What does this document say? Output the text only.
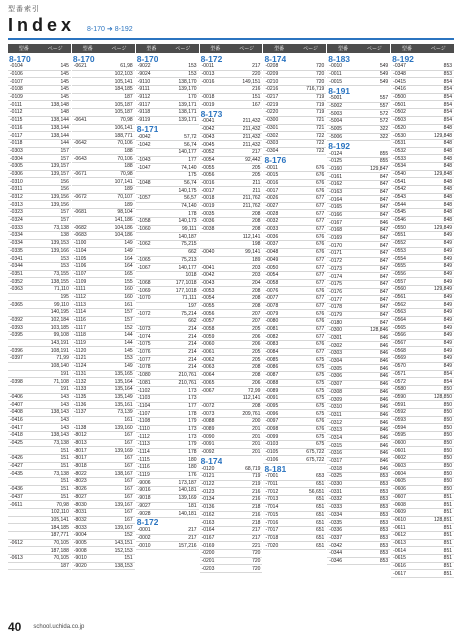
型番索引
Index 8-170 ➜ 8-192
型番	ページ
8-170
-0104	145
-0106	145
-0107	145
-0108	145
-0109	145
-0111	138,148
-0112	148
-0115	138,144
-0116	138,144
-0117	138,144
-0118	144
-0303	157
-0304	157
-0305	139,157
-0306	139,157
-0310	156
-0311	156
-0312	139,156
-0313	139,156
-0323	157
-0324	157
-0333	73,138
-0334	138
-0334	139,153
-0335	139,166
-0341	153
-0344	153
-0351	73,155
-0352	138,155
-0363	71,110
195
-0365	99,110
140,195
-0392	102,184
-0393	103,185
-0395	99,108
143,191
-0396	108,191
-0397	71,99
108,140
191
-0398	71,108
191
-0406	143
-0407	143
-0408	138,143
-0416	143
-0417	143
-0418	138,143
-0425	73,138
151
-0426	151
-0427	151
-0435	73,138
151
-0436	151
-0437	151
-0611	70,98
102,110
105,141
184,185
187,771
-0612	70,105
187,188
-0613	70,105
187
型番	ページ
8-170
-0621	61,98
102,103
105,141
184,185
187
105,187
105,187
-0641	70,98
106,141
188,771
-0642	70,106
188
-0643	70,106
188
-0671	70,98
107,141
189
-0672	70,107
189
-0681	98,104
141,186
-0682	104,186
-0683	104,186
-1100	149
-1104	149
-1105	164
-1106	164
-1107	165
-1109	155
-1111	160
-1112	160
-1113	161
-1114	157
-1116	157
-1117	152
-1118	144
-1119	144
-1120	145
-1121	153
-1124	149
-1131	135,165
-1132	135,164
-1133	135,164
-1135	135,149
-1136	135,161
-1137	73,139
161
-1138	139,160
-8012	167
-8013	167
-8017	139,169
-8017	167
-8018	167
-8022	138,167
-8023	167
-8026	167
-8027	167
-8030	139,167
-8031	167
-8032	167
-8033	139,167
-9004	152
-9005	143,151
-9008	152,153
-9010	151
-9020	138,153
型番	ページ
8-170
-9022	153
-9024	153
-9110	138,170
-9111	139,170
-9112	170
-9117	139,171
-9118	138,171
-9119	139,171
8-171
-0042	57,72
-1042	56,74
140,177
-1043	177
-1047	74,140
175
-1048	56,74
140,175
-1057	56,57
74,140
178
-1058	140,173
-1060	99,111
140,187
-1062	75,215
662
-1065	75,213
-1067	140,177
1018
-1068	177,1018
-1069	177,1018
-1070	71,111
197
-1072	75,214
662
-1073	214
-1074	214
-1075	214
-1076	214
-1077	214
-1078	214
-1080	210,761
-1081	210,761
-1102	173
-1103	173
-1104	177
-1107	178
-1108	179
-1110	173
-1112	173
-1113	179
-1114	178
-1115	180
-1116	180
-1119	176
-9006	173,187
-9016	140,181
-9018	139,169
-9027	181
-9028	140,181
8-172
-0001	217
-0002	217
-0010	157,216
型番	ページ
8-172
-0011	217
-0013	220
-0016	149,151
216
-0018	151
-0019	167
8-173
-0041	211,432
-0042	211,432
-0043	211,432
-0045	211,432
-0052	217
-0054	92,442
-0055	205
-0056	205
-0016	211
-0017	211
-0018	211,762
-0019	211,762
-0035	208
-0036	208
-0038	208
112,141
198
-0040	99,141
189
-0041	203
-0042	203
-0043	204
-0053	208
-0054	208
-0055	208
-0056	207
-0057	207
-0058	205
-0059	206
-0060	206
-0061	205
-0062	205
-0063	208
-0064	208
-0065	206
-0067	72,99
112,141
-0072	208
-0073	209,761
-0088	200
-0089	201
-0090	201
-0091	201
-0092	201
8-174
-0120	68,719
-0121	719
-0122	219
-0123	216
-0134	216
-0136	218
-0162	216
-0163	218
-0164	217
-0167	217
-0169	221
-0200	720
-0201	720
-0203	720
型番	ページ
8-174
-0208	720
-0209	720
-0210	720
-0216	716,719
-0217	719
-0219	719
-0220	719
-0300	721
-0301	721
-0302	722
-0303	722
-0304	722
8-176
-0011	676
-0015	676
-0016	676
-0017	676
-0026	677
-0027	677
-0028	677
-0032	677
-0033	677
-0036	676
-0037	676
-0048	676
-0049	677
-0050	677
-0054	677
-0058	677
-0076	676
-0077	677
-0078	677
-0079	676
-0080	676
-0081	677
-0082	677
-0083	676
-0084	677
-0085	675
-0086	675
-0087	675
-0088	675
-0089	675
-0091	675
-0095	675
-0096	675
-0097	676
-0098	676
-0099	675
-0103	675
-0105	675,722
-0106	675,722
8-181
-7001	653
-7011	651
-7012	56,651
-7013	651
-7014	651
-7015	651
-7016	651
-7017	651
-7018	651
-7020	651
型番	ページ
8-183
-0010	549
-0011	549
-0015	549
8-191
-5001	557
-5002	557
-5003	572
-5004	572
-5005	322
-5006	322
8-192
-0124	855
-0125	855
-0160	129,847
-0161	847
-0162	847
-0163	847
-0164	847
-0165	847
-0166	847
-0167	846
-0168	847
-0169	847
-0170	847
-0171	847
-0172	847
-0173	847
-0174	847
-0175	847
-0176	847
-0177	847
-0178	847
-0179	847
-0180	847
-0300	128,846
-0301	846
-0302	846
-0303	846
-0304	846
-0305	846
-0306	846
-0307	846
-0308	846
-0309	846
-0310	846
-0311	846
-0312	846
-0313	846
-0314	846
-0315	846
-0316	846
-0317	846
-0318	846
-0325	853
-0330	853
-0331	853
-0332	853
-0333	853
-0334	853
-0335	853
-0336	853
-0337	853
-0342	853
-0344	853
-0346	853
型番	ページ
8-192
-0347	853
-0348	853
-0415	854
-0416	854
-0500	854
-0501	854
-0502	854
-0503	854
-0520	848
-0530	129,848
-0531	848
-0532	848
-0533	848
-0534	848
-0540	129,848
-0541	848
-0542	848
-0543	848
-0544	848
-0545	848
-0546	848
-0550	129,849
-0551	849
-0552	849
-0553	849
-0554	849
-0555	849
-0556	849
-0557	849
-0560	129,849
-0561	849
-0562	849
-0563	849
-0564	849
-0565	849
-0566	849
-0567	849
-0568	849
-0569	849
-0570	849
-0571	854
-0572	854
-0580	850
-0590	128,850
-0591	850
-0592	850
-0593	850
-0594	850
-0595	850
-0600	850
-0601	850
-0602	850
-0603	850
-0604	850
-0605	850
-0606	850
-0607	851
-0608	851
-0609	851
-0610	128,851
-0611	851
-0612	851
-0613	851
-0614	851
-0615	851
-0616	851
-0617	851
40 school.uchida.co.jp
